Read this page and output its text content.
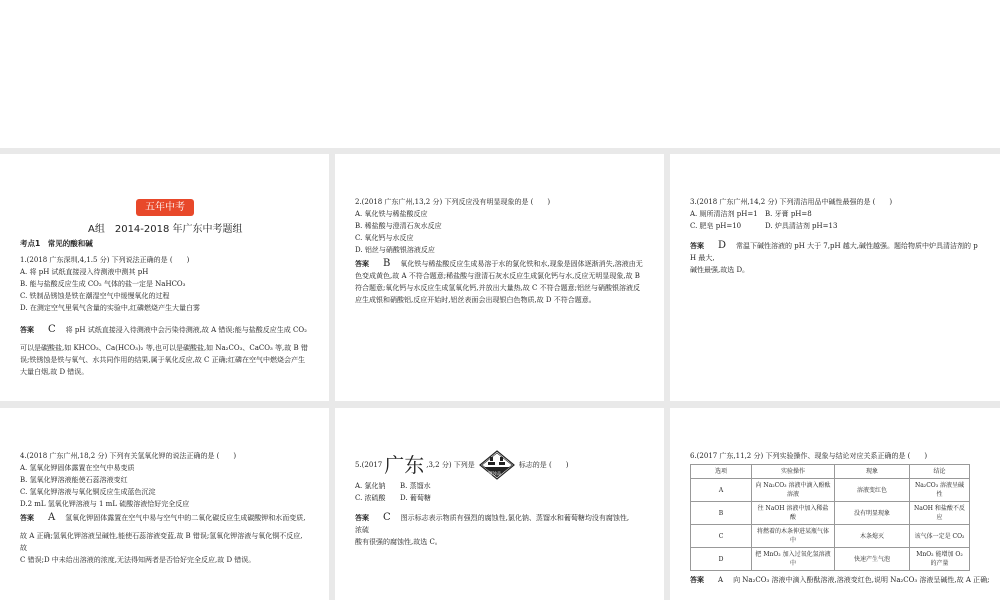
五年中考
A组　2014-2018 年广东中考题组
考点1　常见的酸和碱
1.(2018 广东深圳,4,1.5 分) 下列说法正确的是 (　　)
A. 将 pH 试纸直接浸入待测液中测其 pH
B. 能与盐酸反应生成 CO₂ 气体的盐一定是 NaHCO₃
C. 铁制品锈蚀是铁在潮湿空气中缓慢氧化的过程
D. 在测定空气里氧气含量的实验中,红磷燃烧产生大量白雾
答案 C 将 pH 试纸直接浸入待测液中会污染待测液,故 A 错误;能与盐酸反应生成 CO₂
可以是碳酸盐,如 KHCO₃、Ca(HCO₃)₂ 等,也可以是碳酸盐,如 Na₂CO₃、CaCO₃ 等,故 B 错
误;铁锈蚀是铁与氧气、水共同作用的结果,属于氧化反应,故 C 正确;红磷在空气中燃烧会产生
大量白烟,故 D 错误。
2.(2018 广东广州,13,2 分) 下列反应没有明显现象的是 (　　)
A. 氧化铁与稀盐酸反应
B. 稀盐酸与澄清石灰水反应
C. 氧化钙与水反应
D. 铝丝与硝酸银溶液反应
答案 B 氧化铁与稀盐酸反应生成易溶于水的氯化铁和水,现象是固体逐渐消失,溶液由无
色变成黄色,故 A 不符合题意;稀盐酸与澄清石灰水反应生成氯化钙与水,反应无明显现象,故 B
符合题意;氧化钙与水反应生成氢氧化钙,并放出大量热,故 C 不符合题意;铝丝与硝酸银溶液反
应生成银和硝酸铝,反应开始时,铝丝表面会出现银白色物质,故 D 不符合题意。
3.(2018 广东广州,14,2 分) 下列清洁用品中碱性最强的是 (　　)
A. 厕所清洁剂 pH=1 B. 牙膏 pH=8
C. 肥皂 pH=10	D. 炉具清洁剂 pH=13
答案 D 常温下碱性溶液的 pH 大于 7,pH 越大,碱性越强。题给物质中炉具清洁剂的 p
H 最大,
碱性最强,故选 D。
4.(2018 广东广州,18,2 分) 下列有关氢氧化钾的说法正确的是 (　　)
A. 氢氧化钾固体露置在空气中易变质
B. 氢氧化钾溶液能使石蕊溶液变红
C. 氢氧化钾溶液与氧化铜反应生成蓝色沉淀
D.2 mL 氢氧化钾溶液与 1 mL 硫酸溶液恰好完全反应
答案 A 氢氧化钾固体露置在空气中易与空气中的二氧化碳反应生成碳酸钾和水而变质,
故 A 正确;氢氧化钾溶液呈碱性,能使石蕊溶液变蓝,故 B 错误;氢氧化钾溶液与氧化铜不反应,
故
C 错误;D 中未给出溶液的浓度,无法得知两者是否恰好完全反应,故 D 错误。
5.(2017 广东 ,3,2 分) 下列是
腐蚀品
标志的是 (　　)
A. 氯化钠 B. 蒸馏水
C. 浓硫酸 D. 葡萄糖
答案 C 图示标志表示物质有强烈的腐蚀性,氯化钠、蒸馏水和葡萄糖均没有腐蚀性,
浓硫
酸有很强的腐蚀性,故选 C。
6.(2017 广东,11,2 分) 下列实验操作、现象与结论对应关系正确的是 (　　)
选项	实验操作	现象	结论
A	向 Na₂CO₃ 溶液中滴入酚酞溶液	溶液变红色	Na₂CO₃ 溶液呈碱性
B	往 NaOH 溶液中加入稀盐酸	没有明显现象	NaOH 和盐酸不反应
C	将燃着的木条伸进某瓶气体中	木条熄灭	该气体一定是 CO₂
D	把 MnO₂ 加入过氧化氢溶液中	快速产生气泡	MnO₂ 能增加 O₂ 的产量
答案 A 向 Na₂CO₃ 溶液中滴入酚酞溶液,溶液变红色,说明 Na₂CO₃ 溶液呈碱性,故 A 正确;
